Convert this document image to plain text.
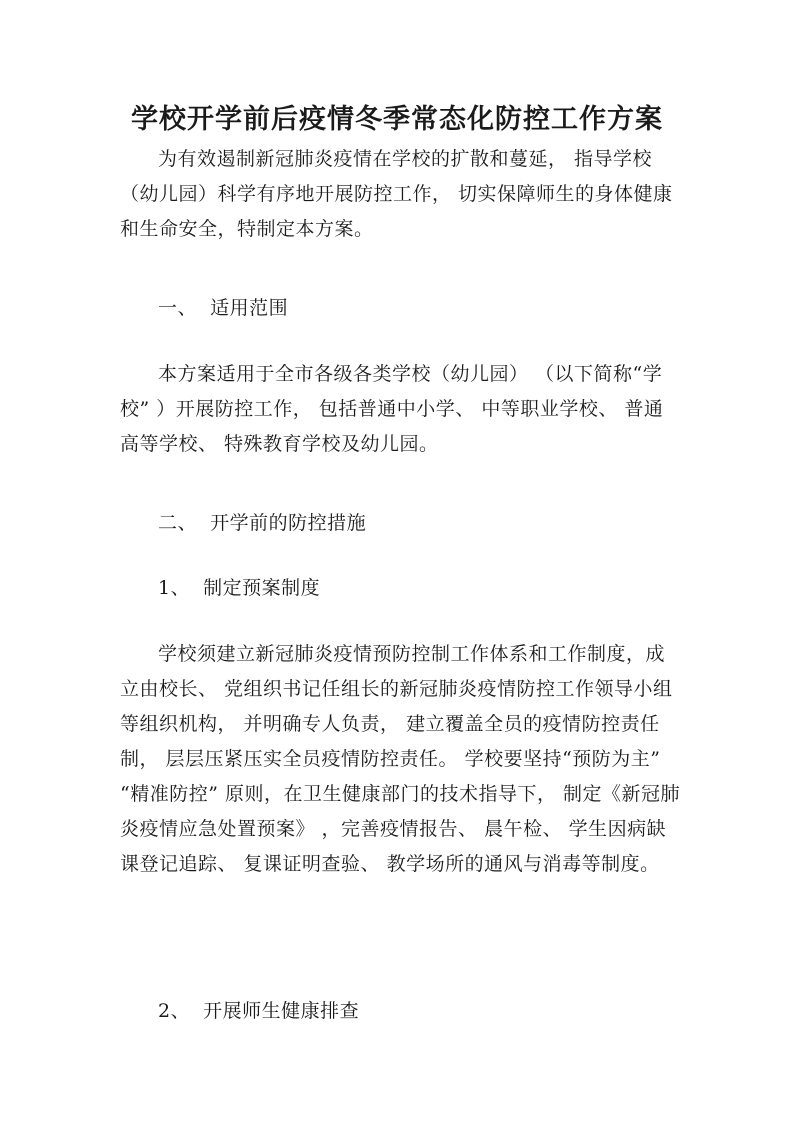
学校开学前后疫情冬季常态化防控工作方案

为有效遏制新冠肺炎疫情在学校的扩散和蔓延， 指导学校（幼儿园）科学有序地开展防控工作， 切实保障师生的身体健康和生命安全，特制定本方案。

一、  适用范围

本方案适用于全市各级各类学校（幼儿园） （以下简称“学校” ）开展防控工作， 包括普通中小学、 中等职业学校、 普通高等学校、 特殊教育学校及幼儿园。

二、  开学前的防控措施
1、  制定预案制度

学校须建立新冠肺炎疫情预防控制工作体系和工作制度，成立由校长、 党组织书记任组长的新冠肺炎疫情防控工作领导小组等组织机构， 并明确专人负责， 建立覆盖全员的疫情防控责任制， 层层压紧压实全员疫情防控责任。 学校要坚持“预防为主” “精准防控” 原则，在卫生健康部门的技术指导下， 制定《新冠肺炎疫情应急处置预案》 ，完善疫情报告、 晨午检、 学生因病缺课登记追踪、 复课证明查验、 教学场所的通风与消毒等制度。

2、  开展师生健康排查
